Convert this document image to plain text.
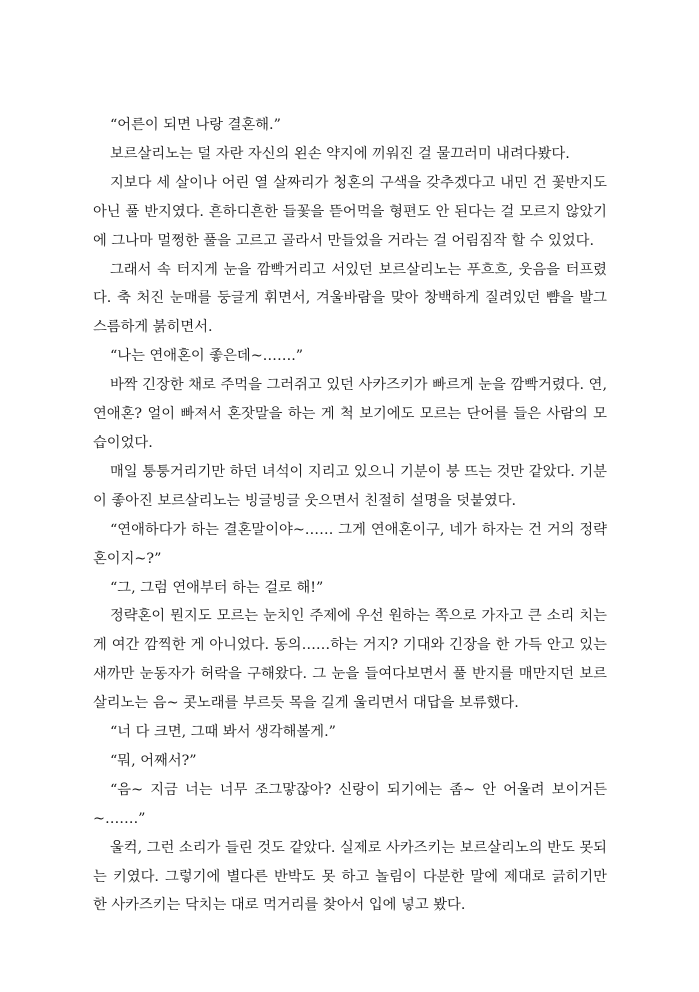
“어른이 되면 나랑 결혼해.”

보르살리노는 덜 자란 자신의 왼손 약지에 끼워진 걸 물끄러미 내려다봤다.

지보다 세 살이나 어린 열 살짜리가 청혼의 구색을 갖추겠다고 내민 건 꽃반지도 아닌 풀 반지였다. 흔하디흔한 들꽃을 뜯어먹을 형편도 안 된다는 걸 모르지 않았기에 그나마 멀쩡한 풀을 고르고 골라서 만들었을 거라는 걸 어림짐작 할 수 있었다.

그래서 속 터지게 눈을 깜빡거리고 서있던 보르살리노는 푸흐흐, 웃음을 터프렸다. 축 처진 눈매를 둥글게 휘면서, 겨울바람을 맞아 창백하게 질려있던 뺨을 발그스름하게 붉히면서.

“나는 연애혼이 좋은데~…….”

바짝 긴장한 채로 주먹을 그러쥐고 있던 사카즈키가 빠르게 눈을 깜빡거렸다. 연, 연애혼? 얼이 빠져서 혼잣말을 하는 게 척 보기에도 모르는 단어를 들은 사람의 모습이었다.

매일 퉁퉁거리기만 하던 녀석이 지리고 있으니 기분이 붕 뜨는 것만 같았다. 기분이 좋아진 보르살리노는 빙글빙글 웃으면서 친절히 설명을 덧붙였다.

“연애하다가 하는 결혼말이야~…… 그게 연애혼이구, 네가 하자는 건 거의 정략혼이지~?”

“그, 그럼 연애부터 하는 걸로 해!”

정략혼이 뭔지도 모르는 눈치인 주제에 우선 원하는 쪽으로 가자고 큰 소리 치는 게 여간 깜찍한 게 아니었다. 동의……하는 거지? 기대와 긴장을 한 가득 안고 있는 새까만 눈동자가 허락을 구해왔다. 그 눈을 들여다보면서 풀 반지를 매만지던 보르살리노는 음~ 콧노래를 부르듯 목을 길게 울리면서 대답을 보류했다.

“너 다 크면, 그때 봐서 생각해볼게.”

“뭐, 어째서?”

“음~ 지금 너는 너무 조그맣잖아? 신랑이 되기에는 좀~ 안 어울려 보이거든~…….”

울컥, 그런 소리가 들린 것도 같았다. 실제로 사카즈키는 보르살리노의 반도 못되는 키였다. 그렇기에 별다른 반박도 못 하고 놀림이 다분한 말에 제대로 긁히기만 한 사카즈키는 닥치는 대로 먹거리를 찾아서 입에 넣고 봤다.
